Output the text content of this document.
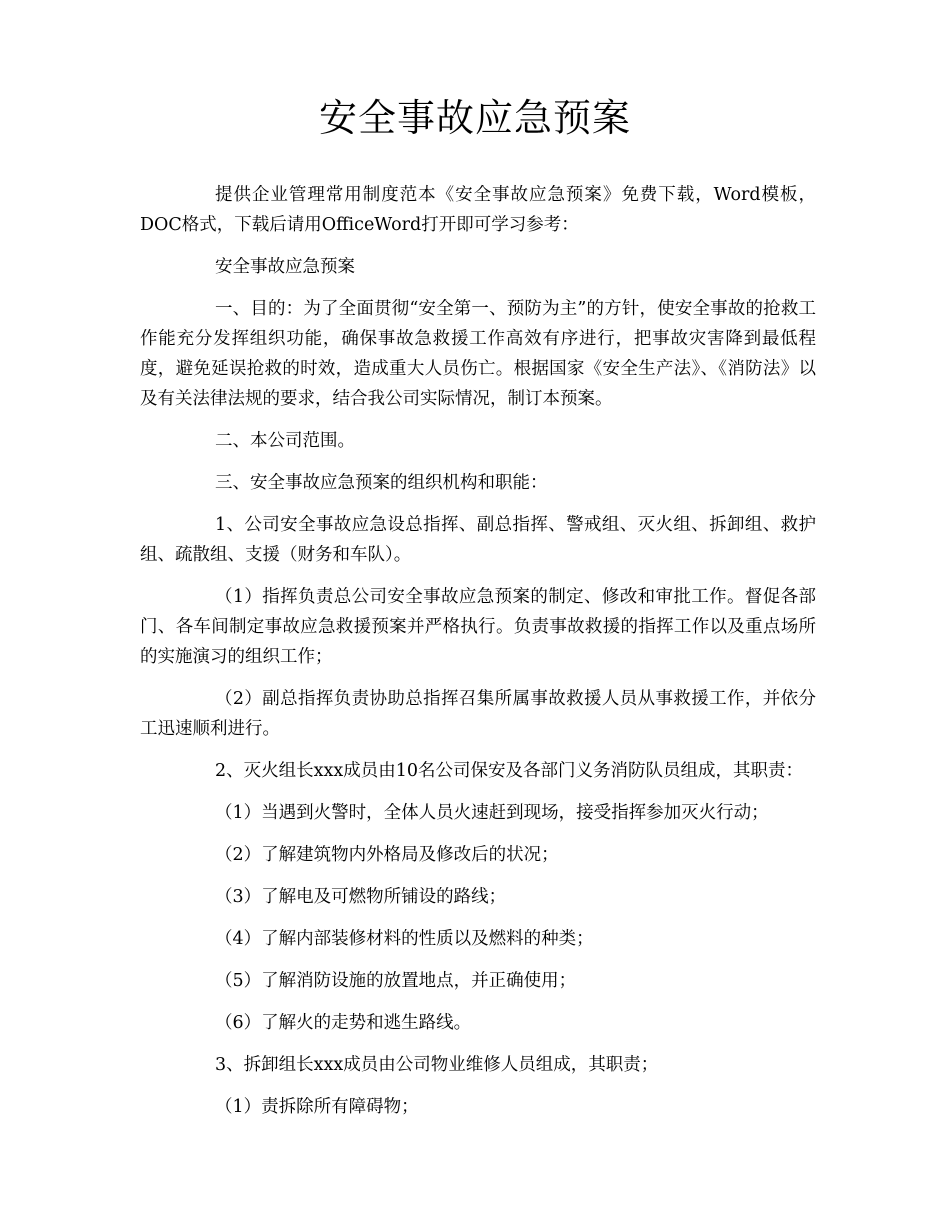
安全事故应急预案

提供企业管理常用制度范本《安全事故应急预案》免费下载，Word模板，DOC格式，下载后请用OfficeWord打开即可学习参考：

安全事故应急预案

一、目的：为了全面贯彻“安全第一、预防为主”的方针，使安全事故的抢救工作能充分发挥组织功能，确保事故急救援工作高效有序进行，把事故灾害降到最低程度，避免延误抢救的时效，造成重大人员伤亡。根据国家《安全生产法》、《消防法》以及有关法律法规的要求，结合我公司实际情况，制订本预案。

二、本公司范围。

三、安全事故应急预案的组织机构和职能：

1、公司安全事故应急设总指挥、副总指挥、警戒组、灭火组、拆卸组、救护组、疏散组、支援（财务和车队）。

（1）指挥负责总公司安全事故应急预案的制定、修改和审批工作。督促各部门、各车间制定事故应急救援预案并严格执行。负责事故救援的指挥工作以及重点场所的实施演习的组织工作；

（2）副总指挥负责协助总指挥召集所属事故救援人员从事救援工作，并依分工迅速顺利进行。

2、灭火组长xxx成员由10名公司保安及各部门义务消防队员组成，其职责：

（1）当遇到火警时，全体人员火速赶到现场，接受指挥参加灭火行动；

（2）了解建筑物内外格局及修改后的状况；

（3）了解电及可燃物所铺设的路线；

（4）了解内部装修材料的性质以及燃料的种类；

（5）了解消防设施的放置地点，并正确使用；

（6）了解火的走势和逃生路线。

3、拆卸组长xxx成员由公司物业维修人员组成，其职责；

（1）责拆除所有障碍物；
